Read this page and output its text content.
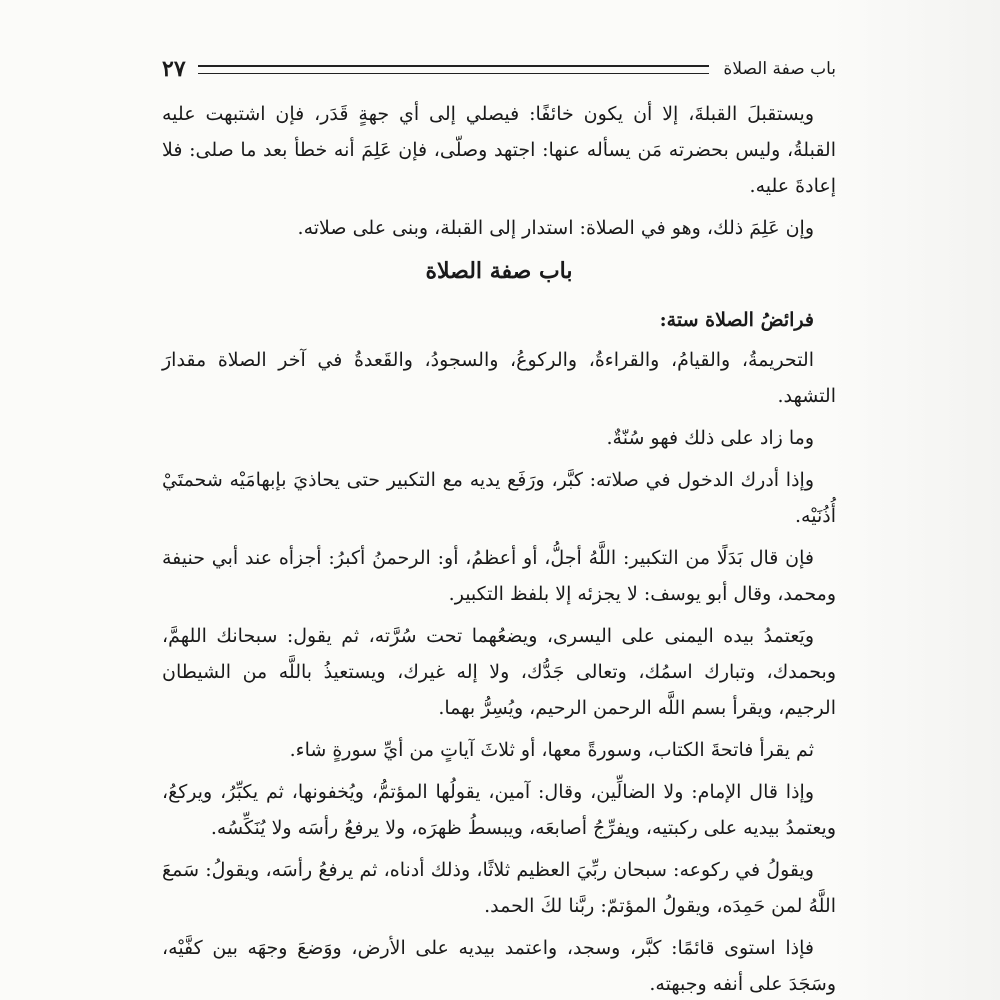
باب صفة الصلاة
٢٧

ويستقبلَ القبلةَ، إلا أن يكون خائفًا: فيصلي إلى أي جهةٍ قَدَر، فإن اشتبهت عليه القبلةُ، وليس بحضرته مَن يسأله عنها: اجتهد وصلّى، فإن عَلِمَ أنه خطأ بعد ما صلى: فلا إعادةَ عليه.

وإن عَلِمَ ذلك، وهو في الصلاة: استدار إلى القبلة، وبنى على صلاته.

باب صفة الصلاة

فرائضُ الصلاة ستة:

التحريمةُ، والقيامُ، والقراءةُ، والركوعُ، والسجودُ، والقَعدةُ في آخر الصلاة مقدارَ التشهد.

وما زاد على ذلك فهو سُنّةٌ.

وإذا أدرك الدخول في صلاته: كبَّر، ورَفَع يديه مع التكبير حتى يحاذيَ بإبهامَيْه شحمتَيْ أُذُنَيْه.

فإن قال بَدَلًا من التكبير: اللَّهُ أجلُّ، أو أعظمُ، أو: الرحمنُ أكبرُ: أجزأه عند أبي حنيفة ومحمد، وقال أبو يوسف: لا يجزئه إلا بلفظ التكبير.

ويَعتمدُ بيده اليمنى على اليسرى، ويضعُهما تحت سُرَّته، ثم يقول: سبحانك اللهمَّ، وبحمدك، وتبارك اسمُك، وتعالى جَدُّك، ولا إله غيرك، ويستعيذُ باللَّه من الشيطان الرجيم، ويقرأ بسم اللَّه الرحمن الرحيم، ويُسِرُّ بهما.

ثم يقرأ فاتحةَ الكتاب، وسورةً معها، أو ثلاثَ آياتٍ من أيِّ سورةٍ شاء.

وإذا قال الإمام: ولا الضالِّين، وقال: آمين، يقولُها المؤتمُّ، ويُخفونها، ثم يكبِّرُ، ويركعُ، ويعتمدُ بيديه على ركبتيه، ويفرِّجُ أصابعَه، ويبسطُ ظهرَه، ولا يرفعُ رأسَه ولا يُنَكِّسُه.

ويقولُ في ركوعه: سبحان ربِّيَ العظيم ثلاثًا، وذلك أدناه، ثم يرفعُ رأسَه، ويقولُ: سَمعَ اللَّهُ لمن حَمِدَه، ويقولُ المؤتمّ: ربَّنا لكَ الحمد.

فإذا استوى قائمًا: كبَّر، وسجد، واعتمد بيديه على الأرض، ووَضعَ وجهَه بين كفَّيْه، وسَجَدَ على أنفه وجبهته.
